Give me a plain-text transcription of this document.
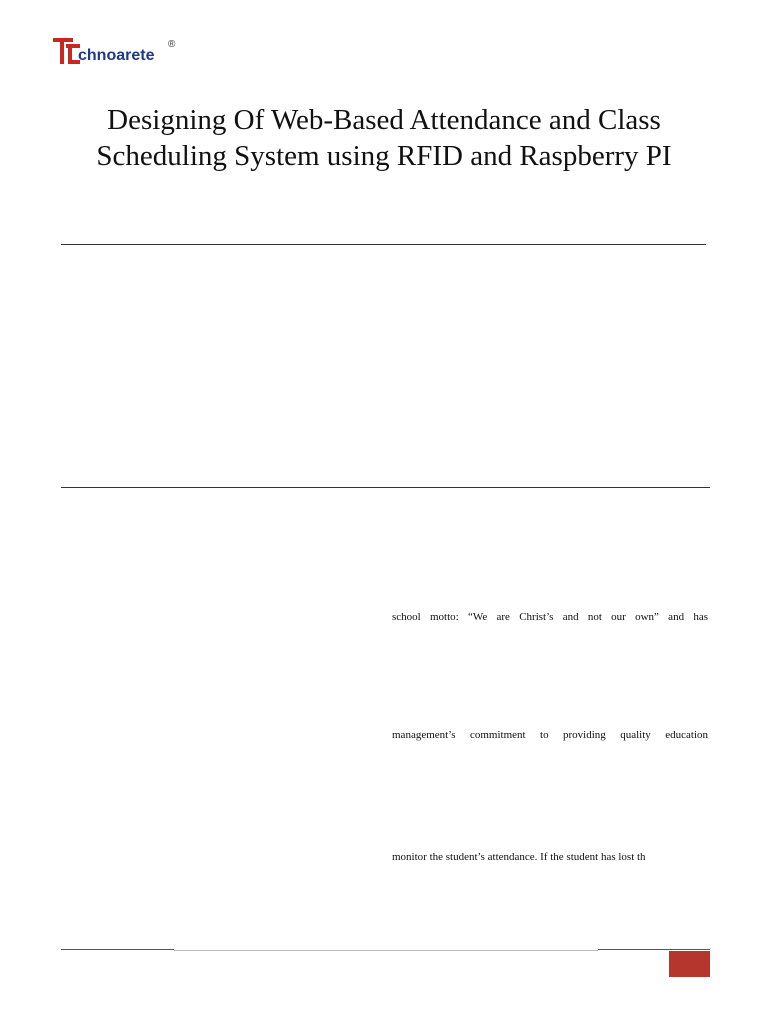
chnoarete
®
Designing Of Web-Based Attendance and Class
Scheduling System using RFID and Raspberry PI
school motto: “We are Christ’s and not our own” and has
management’s commitment to providing quality education
monitor the student’s attendance. If the student has lost th
